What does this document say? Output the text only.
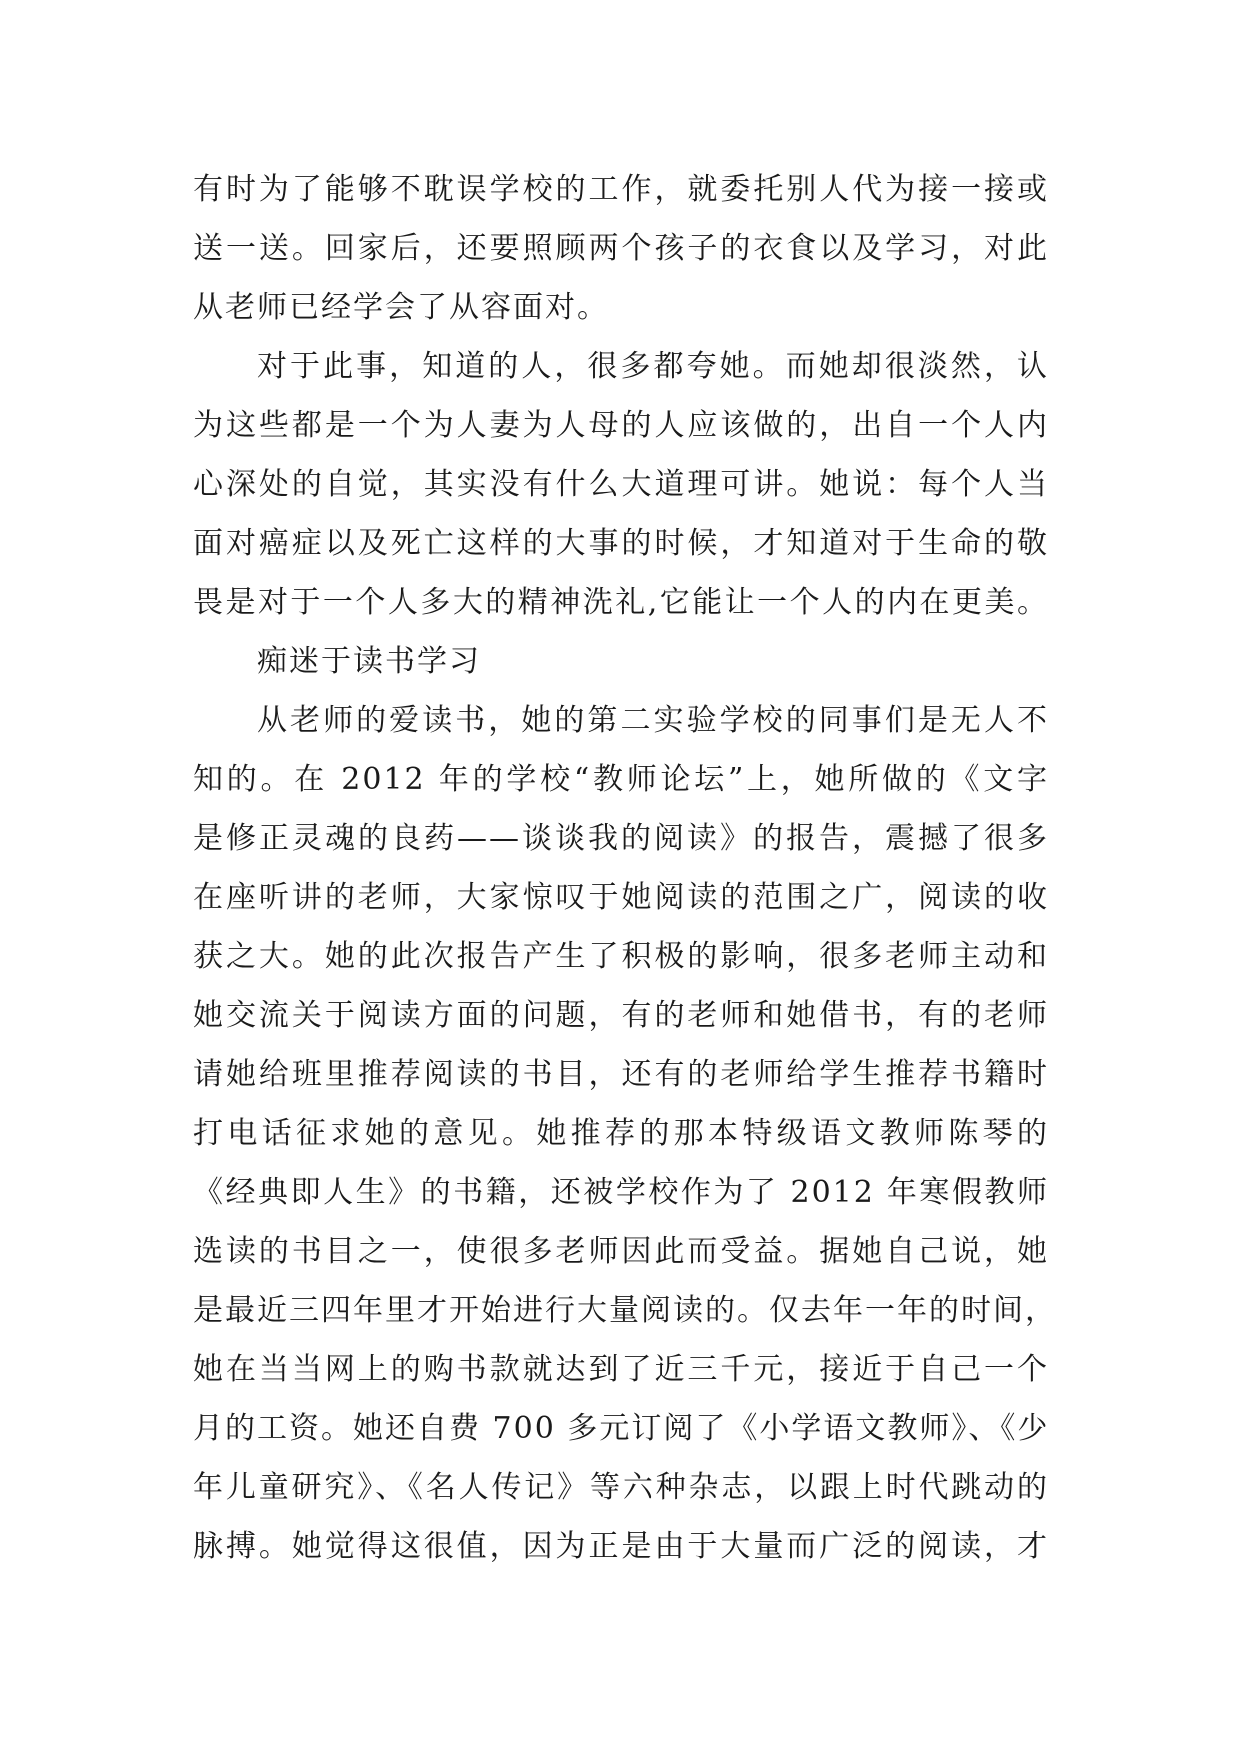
有时为了能够不耽误学校的工作，就委托别人代为接一接或
送一送。回家后，还要照顾两个孩子的衣食以及学习，对此
从老师已经学会了从容面对。
对于此事，知道的人，很多都夸她。而她却很淡然，认
为这些都是一个为人妻为人母的人应该做的，出自一个人内
心深处的自觉，其实没有什么大道理可讲。她说：每个人当
面对癌症以及死亡这样的大事的时候，才知道对于生命的敬
畏是对于一个人多大的精神洗礼,它能让一个人的内在更美。
痴迷于读书学习
从老师的爱读书，她的第二实验学校的同事们是无人不
知的。在 2012 年的学校“教师论坛”上，她所做的《文字
是修正灵魂的良药——谈谈我的阅读》的报告，震撼了很多
在座听讲的老师，大家惊叹于她阅读的范围之广，阅读的收
获之大。她的此次报告产生了积极的影响，很多老师主动和
她交流关于阅读方面的问题，有的老师和她借书，有的老师
请她给班里推荐阅读的书目，还有的老师给学生推荐书籍时
打电话征求她的意见。她推荐的那本特级语文教师陈琴的
《经典即人生》的书籍，还被学校作为了 2012 年寒假教师
选读的书目之一，使很多老师因此而受益。据她自己说，她
是最近三四年里才开始进行大量阅读的。仅去年一年的时间，
她在当当网上的购书款就达到了近三千元，接近于自己一个
月的工资。她还自费 700 多元订阅了《小学语文教师》、《少
年儿童研究》、《名人传记》等六种杂志，以跟上时代跳动的
脉搏。她觉得这很值，因为正是由于大量而广泛的阅读，才
